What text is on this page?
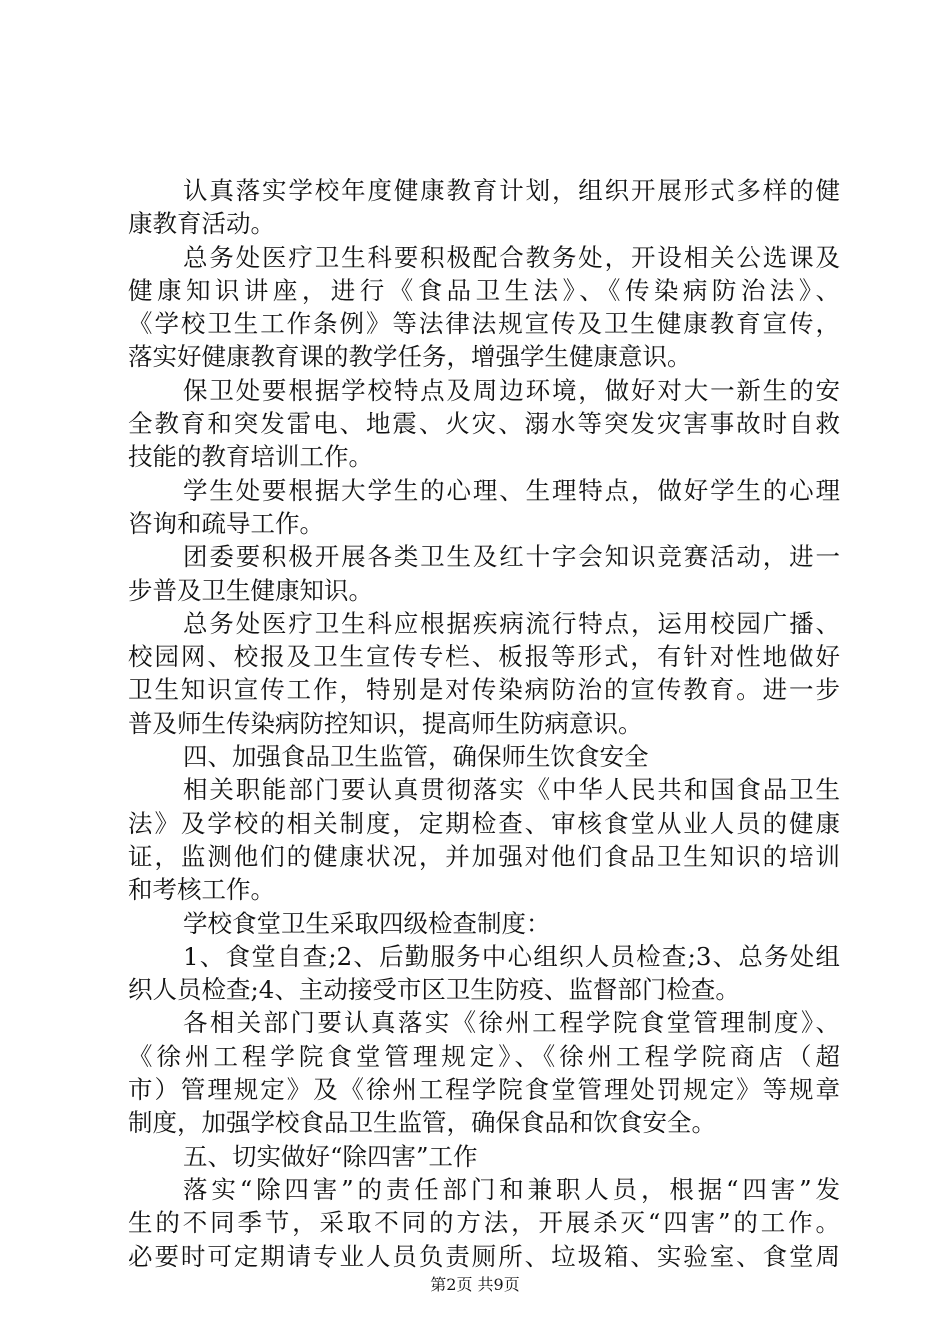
认真落实学校年度健康教育计划，组织开展形式多样的健
康教育活动。
总务处医疗卫生科要积极配合教务处，开设相关公选课及
健康知识讲座，进行《食品卫生法》、《传染病防治法》、
《学校卫生工作条例》等法律法规宣传及卫生健康教育宣传，
落实好健康教育课的教学任务，增强学生健康意识。
保卫处要根据学校特点及周边环境，做好对大一新生的安
全教育和突发雷电、地震、火灾、溺水等突发灾害事故时自救
技能的教育培训工作。
学生处要根据大学生的心理、生理特点，做好学生的心理
咨询和疏导工作。
团委要积极开展各类卫生及红十字会知识竞赛活动，进一
步普及卫生健康知识。
总务处医疗卫生科应根据疾病流行特点，运用校园广播、
校园网、校报及卫生宣传专栏、板报等形式，有针对性地做好
卫生知识宣传工作，特别是对传染病防治的宣传教育。进一步
普及师生传染病防控知识，提高师生防病意识。
四、加强食品卫生监管，确保师生饮食安全
相关职能部门要认真贯彻落实《中华人民共和国食品卫生
法》及学校的相关制度，定期检查、审核食堂从业人员的健康
证，监测他们的健康状况，并加强对他们食品卫生知识的培训
和考核工作。
学校食堂卫生采取四级检查制度：
1、食堂自查;2、后勤服务中心组织人员检查;3、总务处组
织人员检查;4、主动接受市区卫生防疫、监督部门检查。
各相关部门要认真落实《徐州工程学院食堂管理制度》、
《徐州工程学院食堂管理规定》、《徐州工程学院商店（超
市）管理规定》及《徐州工程学院食堂管理处罚规定》等规章
制度，加强学校食品卫生监管，确保食品和饮食安全。
五、切实做好“除四害”工作
落实“除四害”的责任部门和兼职人员，根据“四害”发
生的不同季节，采取不同的方法，开展杀灭“四害”的工作。
必要时可定期请专业人员负责厕所、垃圾箱、实验室、食堂周
第2页 共9页
